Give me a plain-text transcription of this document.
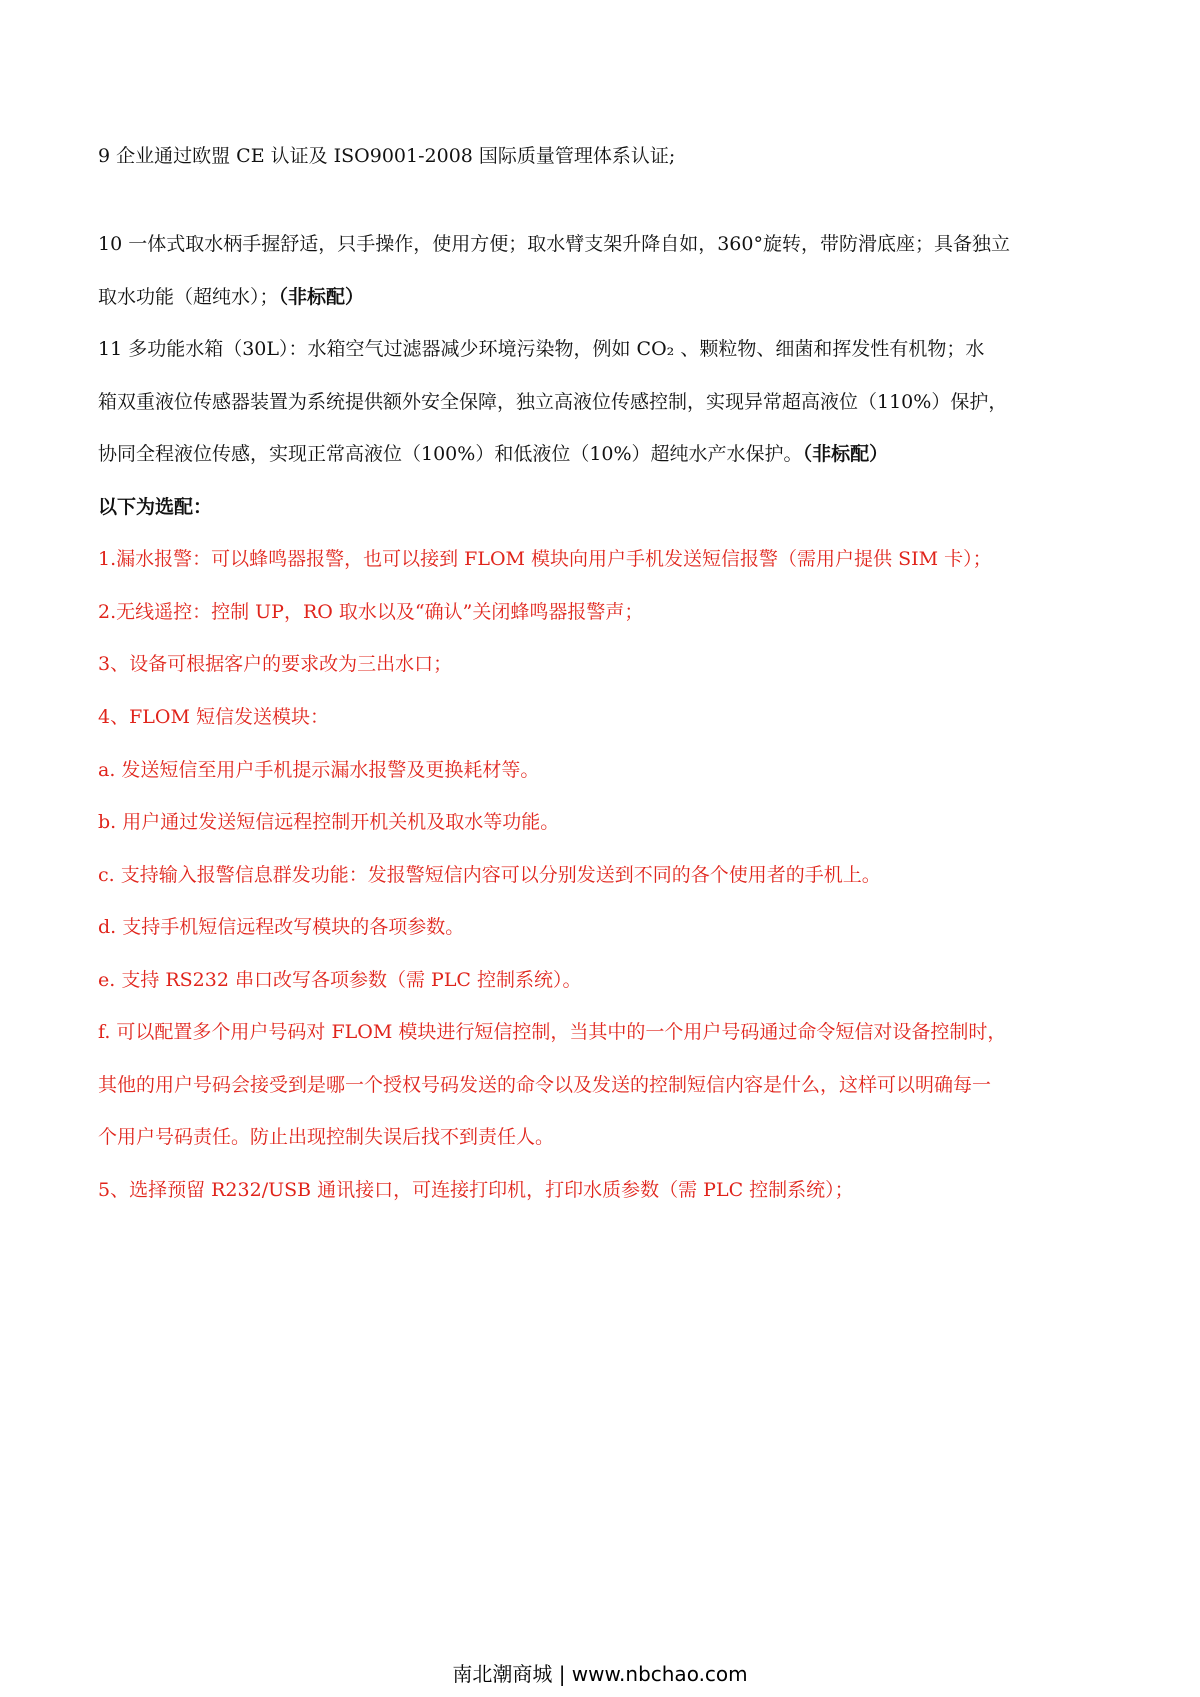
9 企业通过欧盟 CE 认证及 ISO9001-2008 国际质量管理体系认证;
10 一体式取水柄手握舒适，只手操作，使用方便；取水臂支架升降自如，360°旋转，带防滑底座；具备独立
取水功能（超纯水）；（非标配）
11 多功能水箱（30L）：水箱空气过滤器减少环境污染物，例如 CO₂ 、颗粒物、细菌和挥发性有机物；水
箱双重液位传感器装置为系统提供额外安全保障，独立高液位传感控制，实现异常超高液位（110%）保护，
协同全程液位传感，实现正常高液位（100%）和低液位（10%）超纯水产水保护。（非标配）
以下为选配：
1.漏水报警：可以蜂鸣器报警，也可以接到 FLOM 模块向用户手机发送短信报警（需用户提供 SIM 卡）；
2.无线遥控：控制 UP，RO 取水以及“确认”关闭蜂鸣器报警声；
3、设备可根据客户的要求改为三出水口；
4、FLOM 短信发送模块：
a. 发送短信至用户手机提示漏水报警及更换耗材等。
b. 用户通过发送短信远程控制开机关机及取水等功能。
c. 支持输入报警信息群发功能：发报警短信内容可以分别发送到不同的各个使用者的手机上。
d. 支持手机短信远程改写模块的各项参数。
e. 支持 RS232 串口改写各项参数（需 PLC 控制系统）。
f. 可以配置多个用户号码对 FLOM 模块进行短信控制，当其中的一个用户号码通过命令短信对设备控制时，
其他的用户号码会接受到是哪一个授权号码发送的命令以及发送的控制短信内容是什么，这样可以明确每一
个用户号码责任。防止出现控制失误后找不到责任人。
5、选择预留 R232/USB 通讯接口，可连接打印机，打印水质参数（需 PLC 控制系统）；
南北潮商城 | www.nbchao.com
